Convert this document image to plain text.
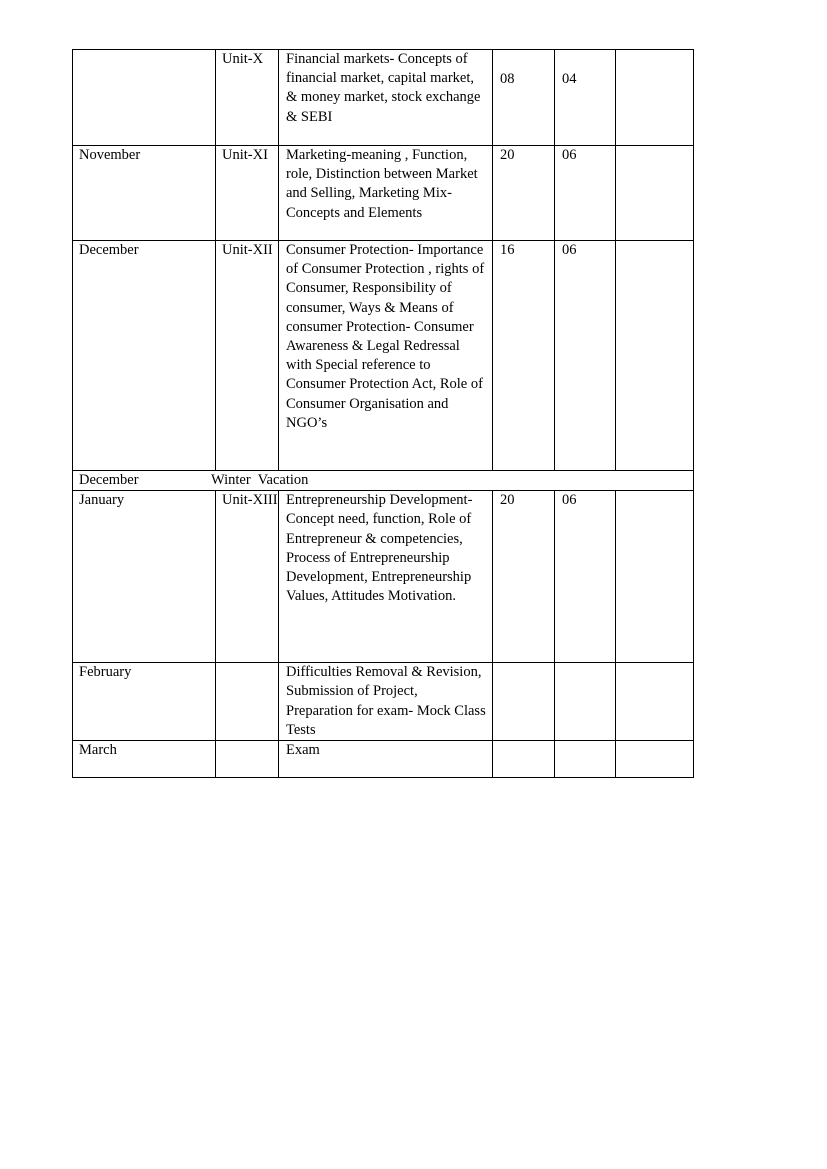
	Unit-X	Financial markets- Concepts of financial market, capital market, & money market, stock exchange & SEBI	08	04	
November	Unit-XI	Marketing-meaning , Function, role, Distinction between Market and Selling, Marketing Mix- Concepts and Elements	20	06	
December	Unit-XII	Consumer Protection- Importance of Consumer Protection , rights of Consumer, Responsibility of consumer, Ways & Means of consumer Protection- Consumer Awareness & Legal Redressal with Special reference to Consumer Protection Act, Role of Consumer Organisation and NGO’s	16	06	
December Winter  Vacation					
January	Unit-XIII	Entrepreneurship Development-Concept need, function, Role of Entrepreneur & competencies, Process of Entrepreneurship Development, Entrepreneurship Values, Attitudes Motivation.	20	06	
February		Difficulties Removal & Revision, Submission of Project, Preparation for exam- Mock Class Tests			
March		Exam			
